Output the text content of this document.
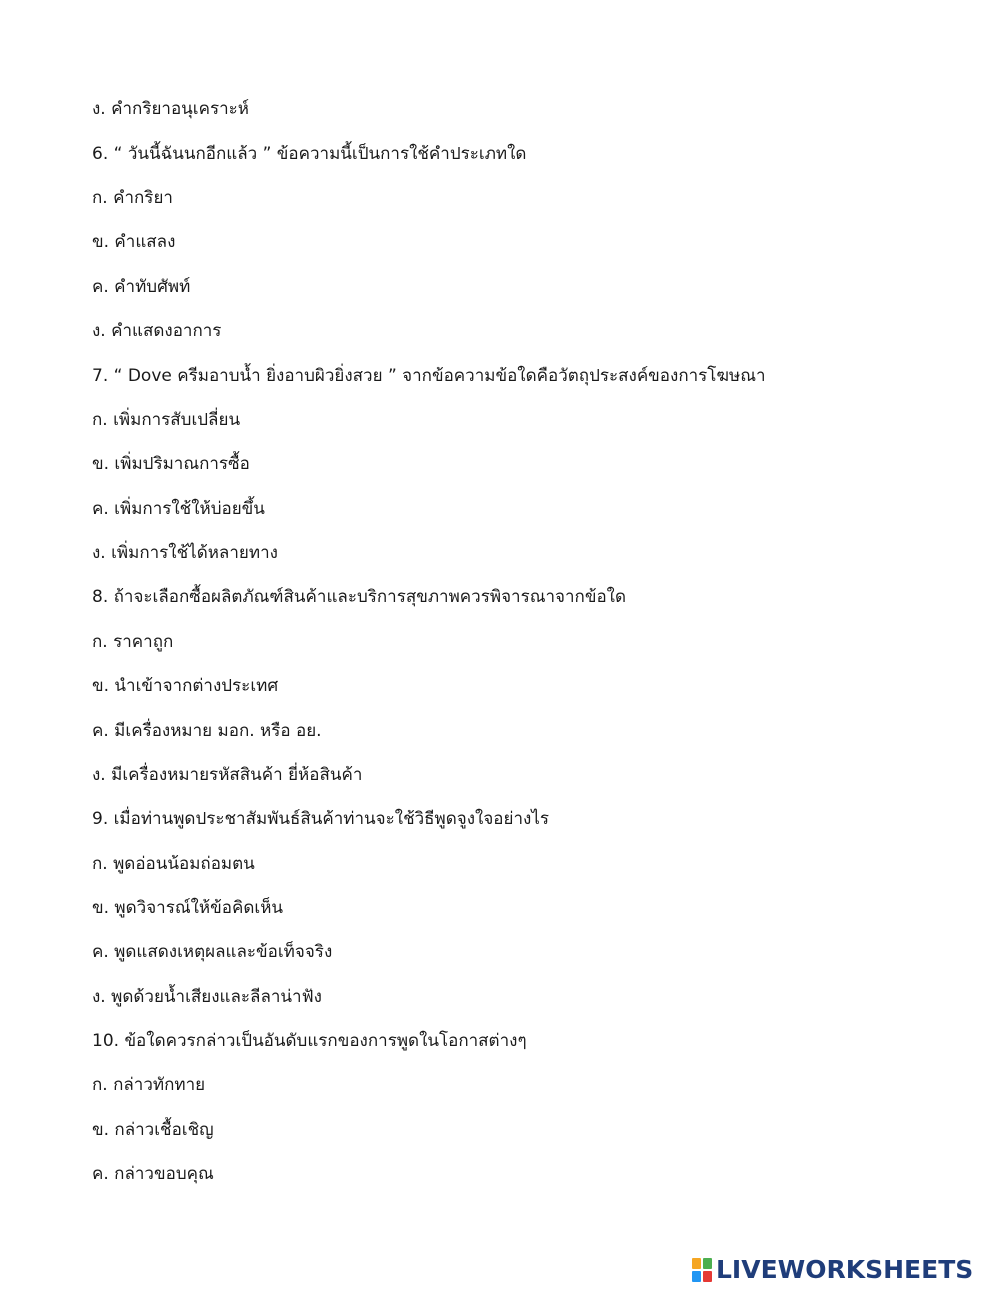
ง. คำกริยาอนุเคราะห์
6. “ วันนี้ฉันนกอีกแล้ว ” ข้อความนี้เป็นการใช้คำประเภทใด
ก. คำกริยา
ข. คำแสลง
ค. คำทับศัพท์
ง. คำแสดงอาการ
7. “ Dove ครีมอาบน้ำ ยิ่งอาบผิวยิ่งสวย ” จากข้อความข้อใดคือวัตถุประสงค์ของการโฆษณา
ก. เพิ่มการสับเปลี่ยน
ข. เพิ่มปริมาณการซื้อ
ค. เพิ่มการใช้ให้บ่อยขึ้น
ง. เพิ่มการใช้ได้หลายทาง
8. ถ้าจะเลือกซื้อผลิตภัณฑ์สินค้าและบริการสุขภาพควรพิจารณาจากข้อใด
ก. ราคาถูก
ข. นำเข้าจากต่างประเทศ
ค. มีเครื่องหมาย มอก. หรือ อย.
ง. มีเครื่องหมายรหัสสินค้า ยี่ห้อสินค้า
9. เมื่อท่านพูดประชาสัมพันธ์สินค้าท่านจะใช้วิธีพูดจูงใจอย่างไร
ก. พูดอ่อนน้อมถ่อมตน
ข. พูดวิจารณ์ให้ข้อคิดเห็น
ค. พูดแสดงเหตุผลและข้อเท็จจริง
ง. พูดด้วยน้ำเสียงและลีลาน่าฟัง
10. ข้อใดควรกล่าวเป็นอันดับแรกของการพูดในโอกาสต่างๆ
ก. กล่าวทักทาย
ข. กล่าวเชื้อเชิญ
ค. กล่าวขอบคุณ
LIVEWORKSHEETS
